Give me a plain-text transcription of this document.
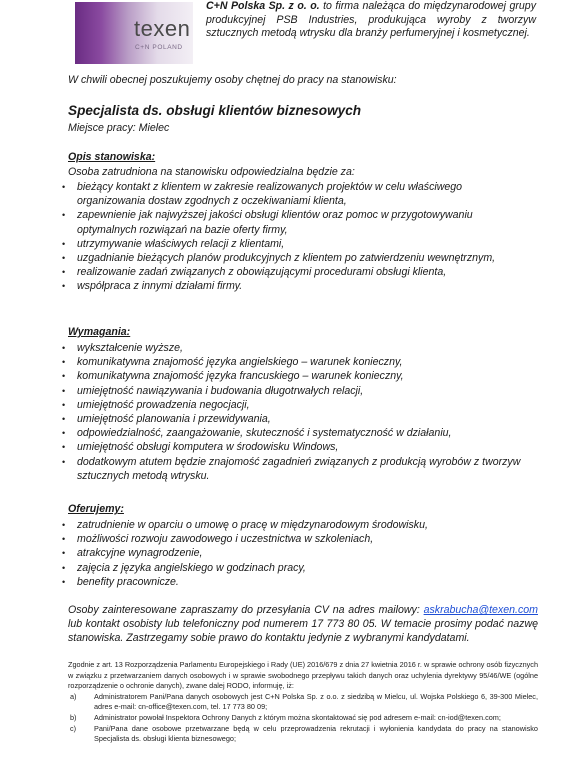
texen
C+N POLAND
C+N Polska Sp. z o. o. to firma należąca do międzynarodowej grupy produkcyjnej PSB Industries, produkująca wyroby z tworzyw sztucznych metodą wtrysku dla branży perfumeryjnej i kosmetycznej.
W chwili obecnej poszukujemy osoby chętnej do pracy na stanowisku:
Specjalista ds. obsługi klientów biznesowych
Miejsce pracy: Mielec
Opis stanowiska:
Osoba zatrudniona na stanowisku odpowiedzialna będzie za:
• bieżący kontakt z klientem w zakresie realizowanych projektów w celu właściwego organizowania dostaw zgodnych z oczekiwaniami klienta,
• zapewnienie jak najwyższej jakości obsługi klientów oraz pomoc w przygotowywaniu optymalnych rozwiązań na bazie oferty firmy,
• utrzymywanie właściwych relacji z klientami,
• uzgadnianie bieżących planów produkcyjnych z klientem po zatwierdzeniu wewnętrznym,
• realizowanie zadań związanych z obowiązującymi procedurami obsługi klienta,
• współpraca z innymi działami firmy.
Wymagania:
• wykształcenie wyższe,
• komunikatywna znajomość języka angielskiego – warunek konieczny,
• komunikatywna znajomość języka francuskiego – warunek konieczny,
• umiejętność nawiązywania i budowania długotrwałych relacji,
• umiejętność prowadzenia negocjacji,
• umiejętność planowania i przewidywania,
• odpowiedzialność, zaangażowanie, skuteczność i systematyczność w działaniu,
• umiejętność obsługi komputera w środowisku Windows,
• dodatkowym atutem będzie znajomość zagadnień związanych z produkcją wyrobów z tworzyw sztucznych metodą wtrysku.
Oferujemy:
• zatrudnienie w oparciu o umowę o pracę w międzynarodowym środowisku,
• możliwości rozwoju zawodowego i uczestnictwa w szkoleniach,
• atrakcyjne wynagrodzenie,
• zajęcia z języka angielskiego w godzinach pracy,
• benefity pracownicze.
Osoby zainteresowane zapraszamy do przesyłania CV na adres mailowy: askrabucha@texen.com lub kontakt osobisty lub telefoniczny pod numerem 17 773 80 05. W temacie prosimy podać nazwę stanowiska. Zastrzegamy sobie prawo do kontaktu jedynie z wybranymi kandydatami.
Zgodnie z art. 13 Rozporządzenia Parlamentu Europejskiego i Rady (UE) 2016/679 z dnia 27 kwietnia 2016 r. w sprawie ochrony osób fizycznych w związku z przetwarzaniem danych osobowych i w sprawie swobodnego przepływu takich danych oraz uchylenia dyrektywy 95/46/WE (ogólne rozporządzenie o ochronie danych), zwane dalej RODO, informuję, iż:
a) Administratorem Pani/Pana danych osobowych jest C+N Polska Sp. z o.o. z siedzibą w Mielcu, ul. Wojska Polskiego 6, 39-300 Mielec, adres e-mail: cn-office@texen.com, tel. 17 773 80 09;
b) Administrator powołał Inspektora Ochrony Danych z którym można skontaktować się pod adresem e-mail: cn-iod@texen.com;
c) Pani/Pana dane osobowe przetwarzane będą w celu przeprowadzenia rekrutacji i wyłonienia kandydata do pracy na stanowisko Specjalista ds. obsługi klienta biznesowego;
